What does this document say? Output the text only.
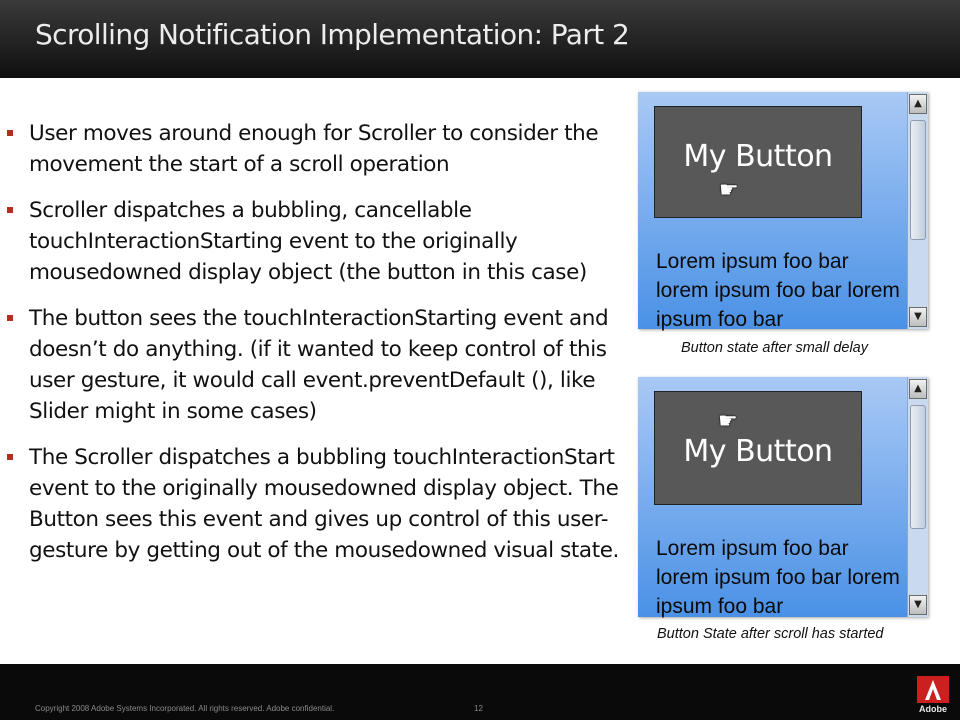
Scrolling Notification Implementation: Part 2
User moves around enough for Scroller to consider the movement the start of a scroll operation
Scroller dispatches a bubbling, cancellable touchInteractionStarting event to the originally mousedowned display object (the button in this case)
The button sees the touchInteractionStarting event and doesn’t do anything. (if it wanted to keep control of this user gesture, it would call event.preventDefault (), like Slider might in some cases)
The Scroller dispatches a bubbling touchInteractionStart event to the originally mousedowned display object. The Button sees this event and gives up control of this user-gesture by getting out of the mousedowned visual state.
My Button
☛
Lorem ipsum foo bar lorem ipsum foo bar lorem ipsum foo bar
▲
▼
Button state after small delay
My Button
☛
Lorem ipsum foo bar lorem ipsum foo bar lorem ipsum foo bar
▲
▼
Button State after scroll has started
Copyright 2008 Adobe Systems Incorporated. All rights reserved. Adobe confidential.	12	Adobe
